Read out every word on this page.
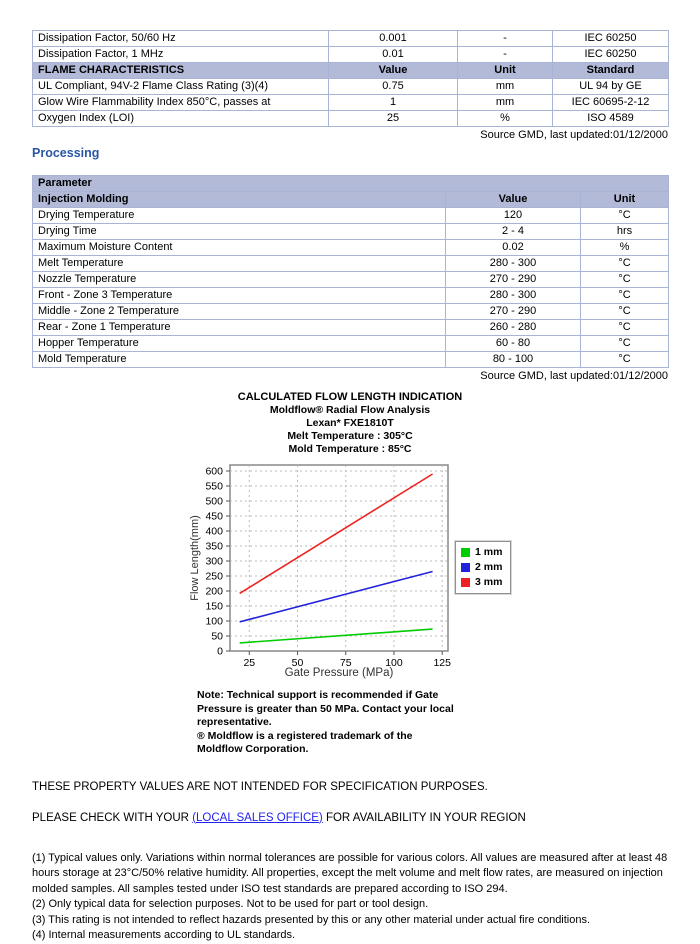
Dissipation Factor, 50/60 Hz	0.001	-	IEC 60250
Dissipation Factor, 1 MHz	0.01	-	IEC 60250
FLAME CHARACTERISTICS	Value	Unit	Standard
UL Compliant, 94V-2 Flame Class Rating (3)(4)	0.75	mm	UL 94 by GE
Glow Wire Flammability Index 850°C, passes at	1	mm	IEC 60695-2-12
Oxygen Index (LOI)	25	%	ISO 4589
Source GMD, last updated:01/12/2000
Processing
Parameter		
Injection Molding	Value	Unit
Drying Temperature	120	°C
Drying Time	2 - 4	hrs
Maximum Moisture Content	0.02	%
Melt Temperature	280 - 300	°C
Nozzle Temperature	270 - 290	°C
Front - Zone 3 Temperature	280 - 300	°C
Middle - Zone 2 Temperature	270 - 290	°C
Rear - Zone 1 Temperature	260 - 280	°C
Hopper Temperature	60 - 80	°C
Mold Temperature	80 - 100	°C
Source GMD, last updated:01/12/2000
CALCULATED FLOW LENGTH INDICATION
Moldflow® Radial Flow Analysis
Lexan* FXE1810T
Melt Temperature : 305°C
Mold Temperature : 85°C
0
50
100
150
200
250
300
350
400
450
500
550
600
25	50	75	100	125
Flow Length(mm)
Gate Pressure (MPa)
1 mm
2 mm
3 mm
Note: Technical support is recommended if Gate Pressure is greater than 50 MPa. Contact your local representative.
® Moldflow is a registered trademark of the Moldflow Corporation.
THESE PROPERTY VALUES ARE NOT INTENDED FOR SPECIFICATION PURPOSES.
PLEASE CHECK WITH YOUR (LOCAL SALES OFFICE) FOR AVAILABILITY IN YOUR REGION
(1) Typical values only. Variations within normal tolerances are possible for various colors. All values are measured after at least 48 hours storage at 23°C/50% relative humidity. All properties, except the melt volume and melt flow rates, are measured on injection molded samples. All samples tested under ISO test standards are prepared according to ISO 294.
(2) Only typical data for selection purposes. Not to be used for part or tool design.
(3) This rating is not intended to reflect hazards presented by this or any other material under actual fire conditions.
(4) Internal measurements according to UL standards.
